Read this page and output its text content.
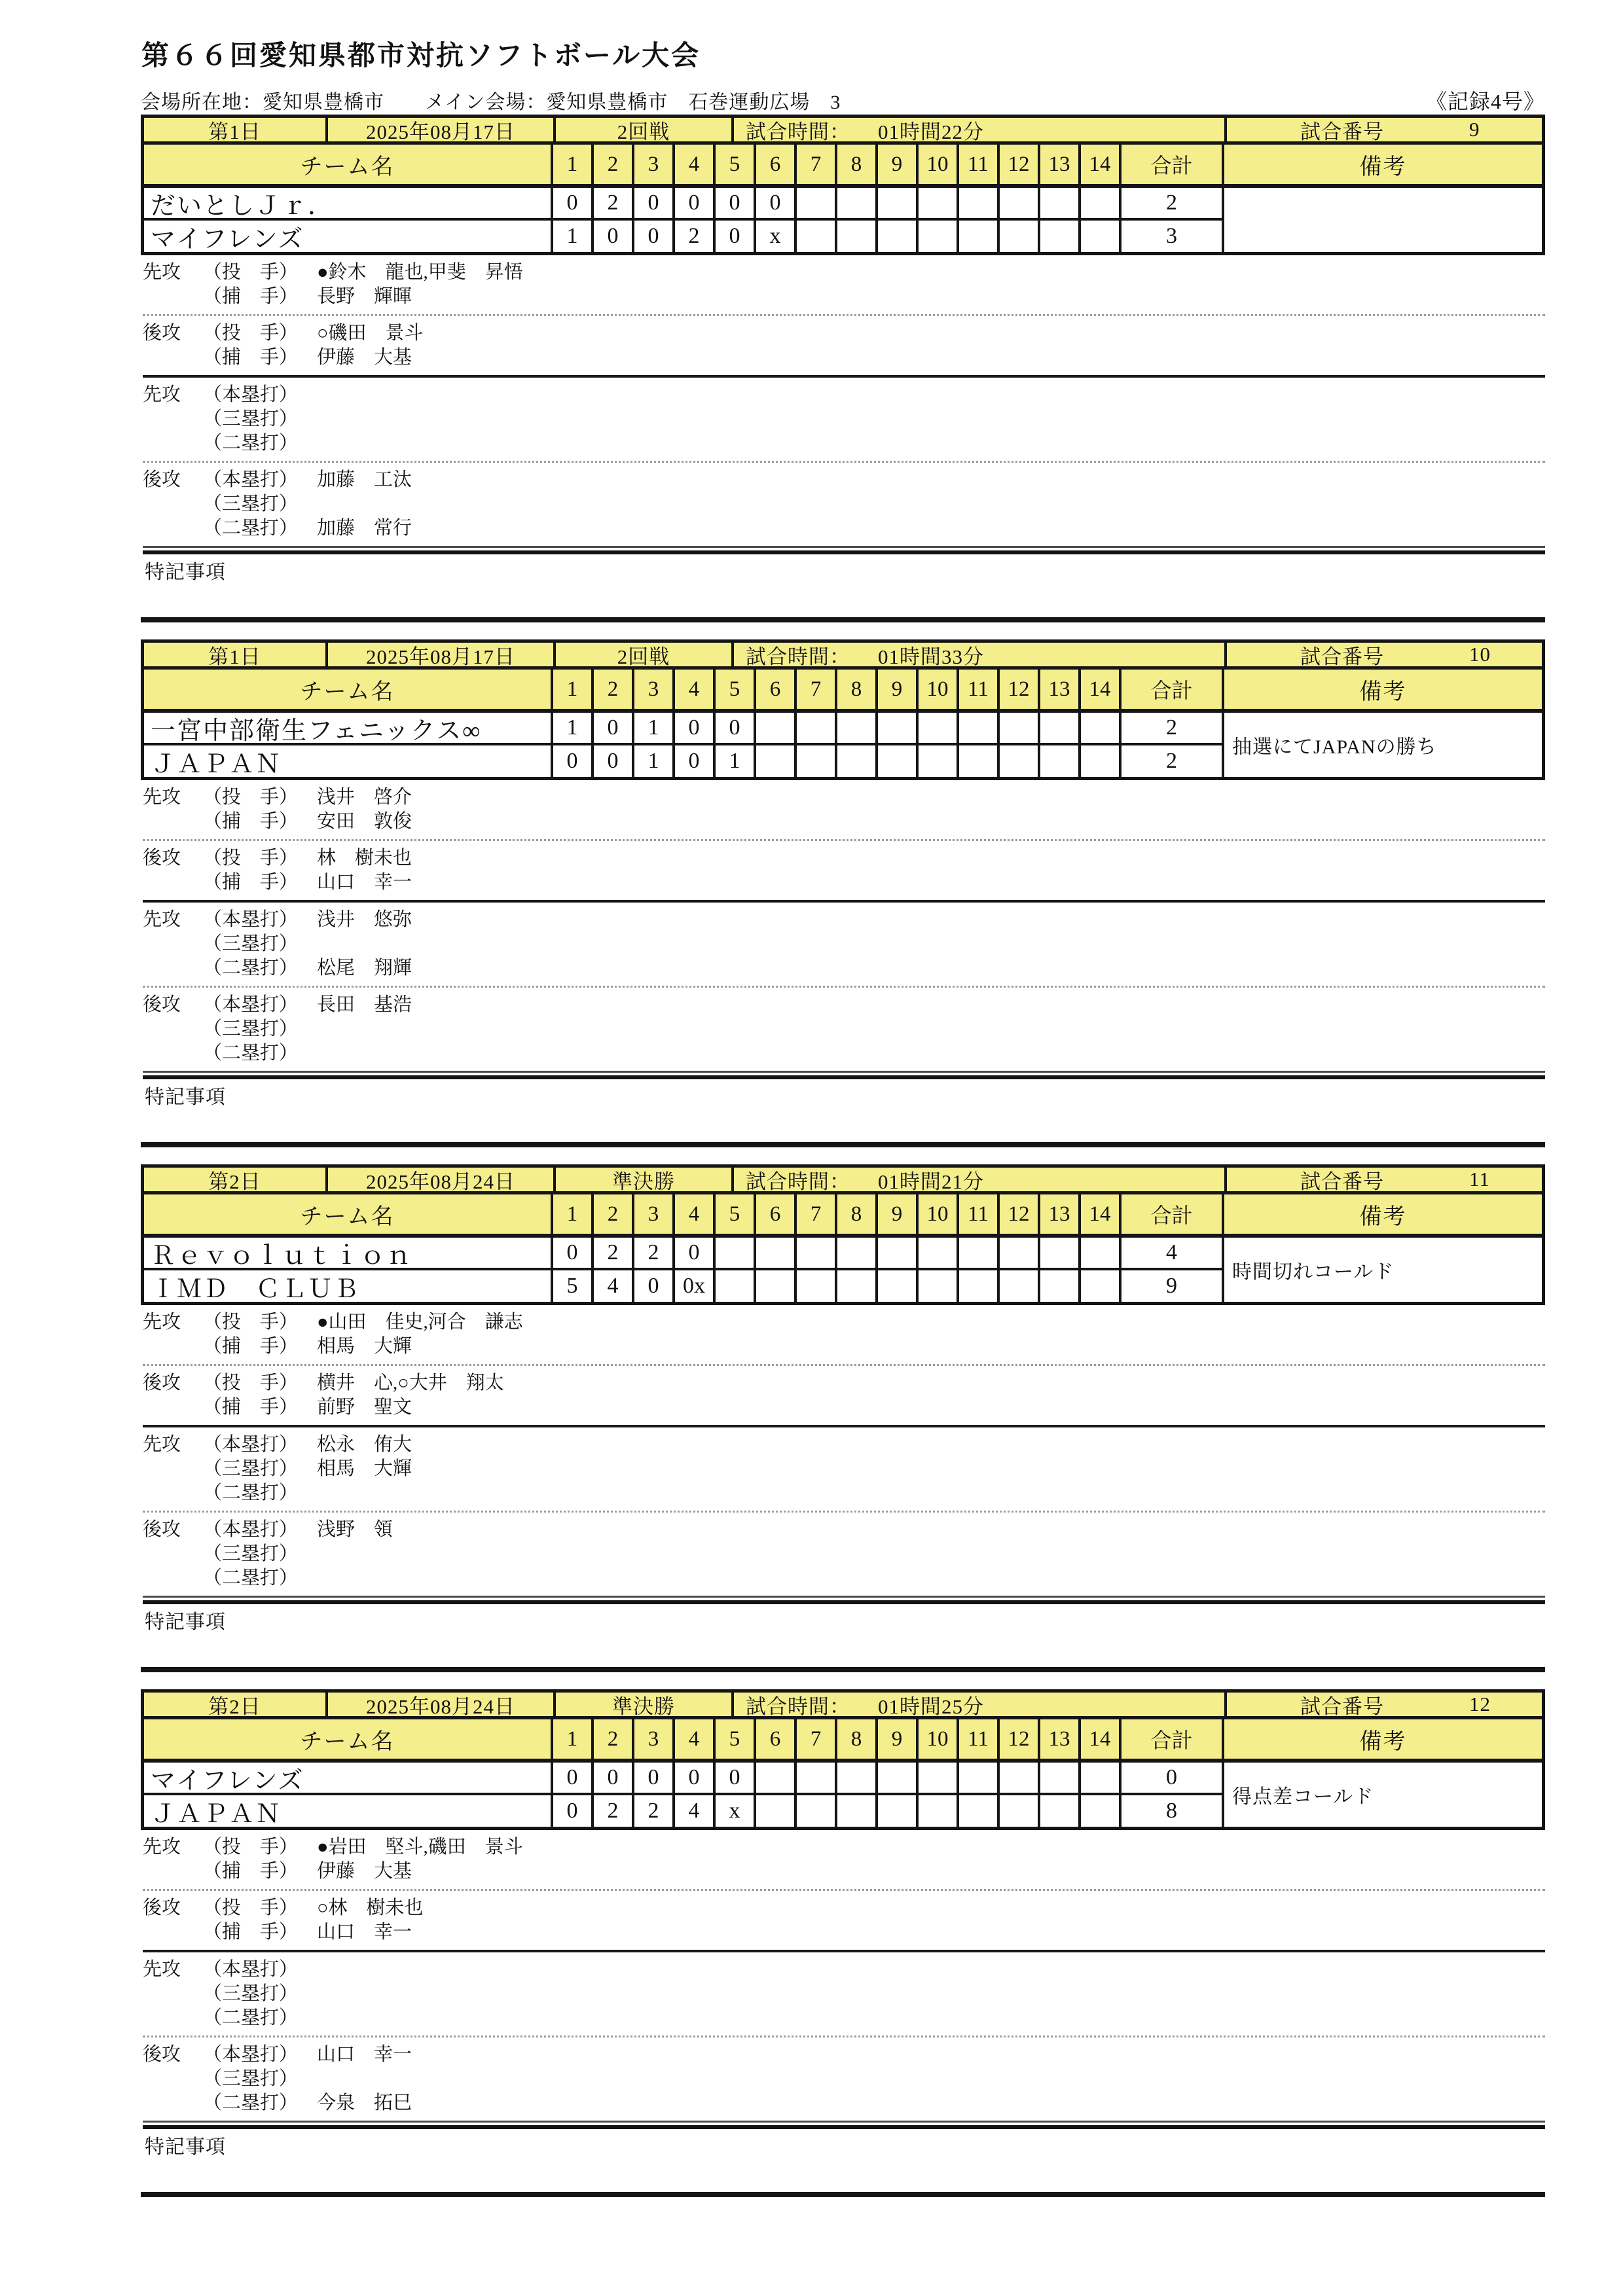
第６６回愛知県都市対抗ソフトボール大会
会場所在地：愛知県豊橋市 メイン会場：愛知県豊橋市　石巻運動広場　3	《記録4号》
第1日	2025年08月17日	2回戦	試合時間： 01時間22分	試合番号	9
チーム名	1	2	3	4	5	6	7	8	9	10 11 12 13 14	合計	備考
だいとしＪｒ．	0	2	0	0	0	0	2
マイフレンズ	1	0	0	2	0	x	3
先攻	（投　手） ●鈴木　龍也,甲斐　昇悟
（捕　手） 長野　輝暉
後攻	（投　手） ○磯田　景斗
（捕　手） 伊藤　大基
先攻	（本塁打）
（三塁打）
（二塁打）
後攻	（本塁打） 加藤　工汰
（三塁打）
（二塁打） 加藤　常行
特記事項
第1日	2025年08月17日	2回戦	試合時間： 01時間33分	試合番号	10
チーム名	1	2	3	4	5	6	7	8	9	10 11 12 13 14	合計	備考
一宮中部衛生フェニックス∞	1	0	1	0	0	2
抽選にてJAPANの勝ち
ＪＡＰＡＮ	0	0	1	0	1	2
先攻	（投　手） 浅井　啓介
（捕　手） 安田　敦俊
後攻	（投　手） 林　樹未也
（捕　手） 山口　幸一
先攻	（本塁打） 浅井　悠弥
（三塁打）
（二塁打） 松尾　翔輝
後攻	（本塁打） 長田　基浩
（三塁打）
（二塁打）
特記事項
第2日	2025年08月24日	準決勝	試合時間： 01時間21分	試合番号	11
チーム名	1	2	3	4	5	6	7	8	9	10 11 12 13 14	合計	備考
Ｒｅｖｏｌｕｔｉｏｎ	0	2	2	0	4
時間切れコールド
ＩＭＤ　ＣＬＵＢ	5	4	0	0x	9
先攻	（投　手） ●山田　佳史,河合　謙志
（捕　手） 相馬　大輝
後攻	（投　手） 横井　心,○大井　翔太
（捕　手） 前野　聖文
先攻	（本塁打） 松永　侑大
（三塁打） 相馬　大輝
（二塁打）
後攻	（本塁打） 浅野　領
（三塁打）
（二塁打）
特記事項
第2日	2025年08月24日	準決勝	試合時間： 01時間25分	試合番号	12
チーム名	1	2	3	4	5	6	7	8	9	10 11 12 13 14	合計	備考
マイフレンズ	0	0	0	0	0	0
得点差コールド
ＪＡＰＡＮ	0	2	2	4	x	8
先攻	（投　手） ●岩田　堅斗,磯田　景斗
（捕　手） 伊藤　大基
後攻	（投　手） ○林　樹未也
（捕　手） 山口　幸一
先攻	（本塁打）
（三塁打）
（二塁打）
後攻	（本塁打） 山口　幸一
（三塁打）
（二塁打） 今泉　拓巳
特記事項
